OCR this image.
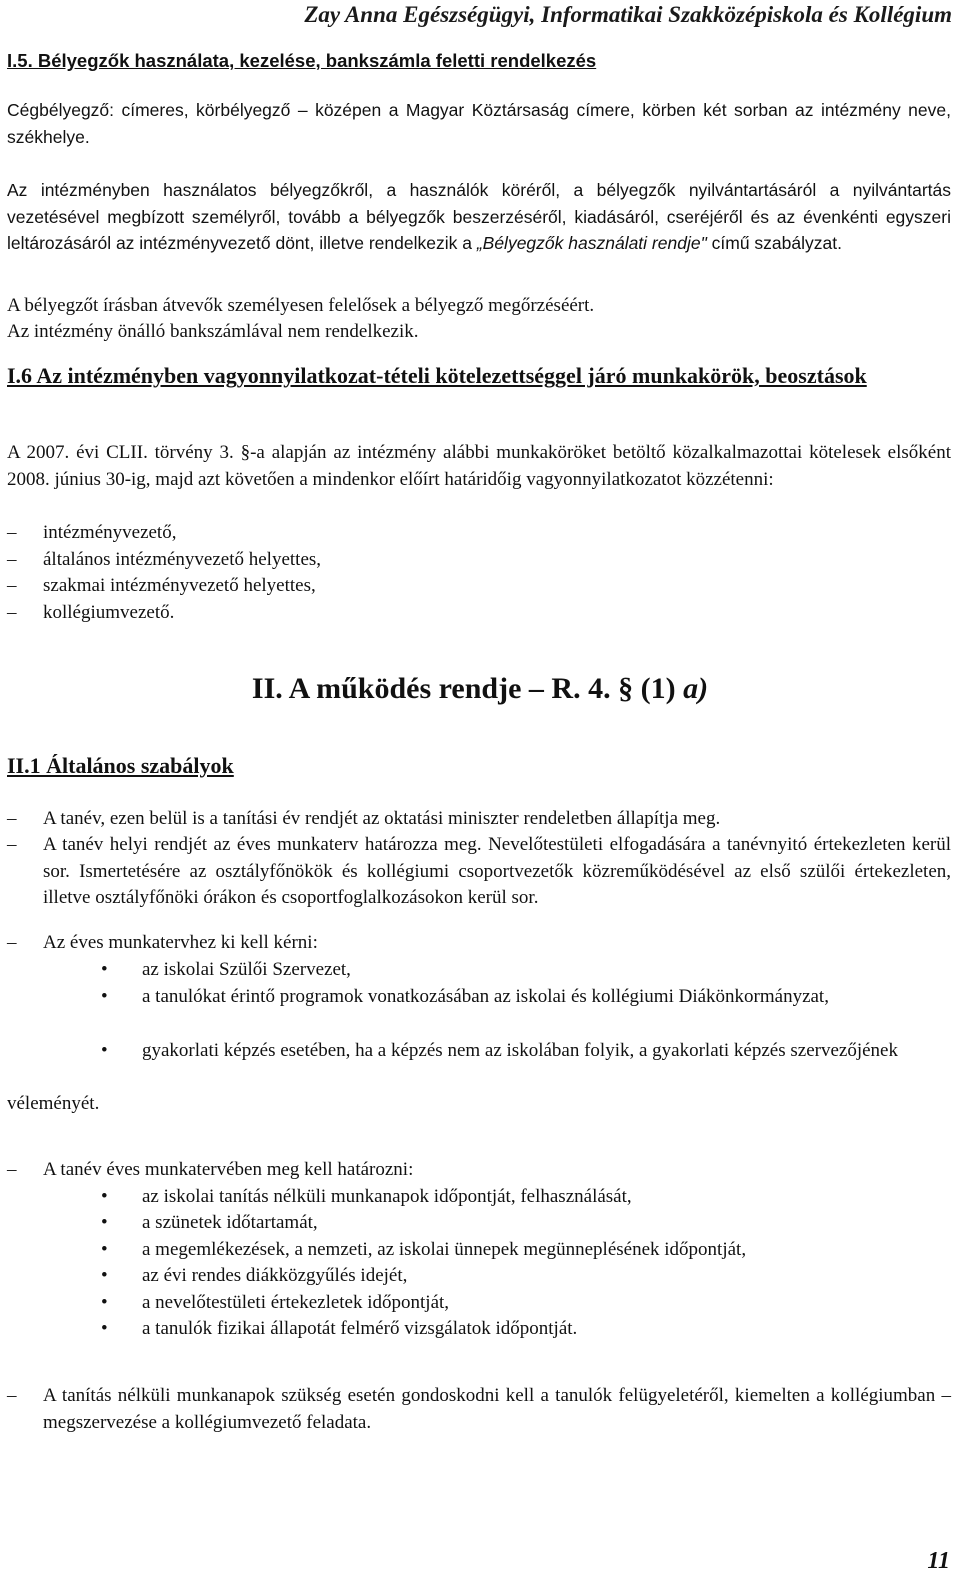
Zay Anna Egészségügyi, Informatikai Szakközépiskola és Kollégium
I.5. Bélyegzők használata, kezelése, bankszámla feletti rendelkezés
Cégbélyegző: címeres, körbélyegző – középen a Magyar Köztársaság címere, körben két sorban az intézmény neve, székhelye.
Az intézményben használatos bélyegzőkről, a használók köréről, a bélyegzők nyilvántartásáról a nyilvántartás vezetésével megbízott személyről, tovább a bélyegzők beszerzéséről, kiadásáról, cseréjéről és az évenkénti egyszeri leltározásáról az intézményvezető dönt, illetve rendelkezik a „Bélyegzők használati rendje" című szabályzat.
A bélyegzőt írásban átvevők személyesen felelősek a bélyegző megőrzéséért.
Az intézmény önálló bankszámlával nem rendelkezik.
I.6 Az intézményben vagyonnyilatkozat-tételi kötelezettséggel járó munkakörök, beosztások
A 2007. évi CLII. törvény 3. §-a alapján az intézmény alábbi munkaköröket betöltő közalkalmazottai kötelesek elsőként 2008. június 30-ig, majd azt követően a mindenkor előírt határidőig vagyonnyilatkozatot közzétenni:
– intézményvezető,
– általános intézményvezető helyettes,
– szakmai intézményvezető helyettes,
– kollégiumvezető.
II. A működés rendje – R. 4. § (1) a)
II.1 Általános szabályok
– A tanév, ezen belül is a tanítási év rendjét az oktatási miniszter rendeletben állapítja meg.
– A tanév helyi rendjét az éves munkaterv határozza meg. Nevelőtestületi elfogadására a tanévnyitó értekezleten kerül sor. Ismertetésére az osztályfőnökök és kollégiumi csoportvezetők közreműködésével az első szülői értekezleten, illetve osztályfőnöki órákon és csoportfoglalkozásokon kerül sor.
– Az éves munkatervhez ki kell kérni:
• az iskolai Szülői Szervezet,
• a tanulókat érintő programok vonatkozásában az iskolai és kollégiumi Diákönkormányzat,
• gyakorlati képzés esetében, ha a képzés nem az iskolában folyik, a gyakorlati képzés szervezőjének
véleményét.
– A tanév éves munkatervében meg kell határozni:
• az iskolai tanítás nélküli munkanapok időpontját, felhasználását,
• a szünetek időtartamát,
• a megemlékezések, a nemzeti, az iskolai ünnepek megünneplésének időpontját,
• az évi rendes diákközgyűlés idejét,
• a nevelőtestületi értekezletek időpontját,
• a tanulók fizikai állapotát felmérő vizsgálatok időpontját.
– A tanítás nélküli munkanapok szükség esetén gondoskodni kell a tanulók felügyeletéről, kiemelten a kollégiumban – megszervezése a kollégiumvezető feladata.
11
